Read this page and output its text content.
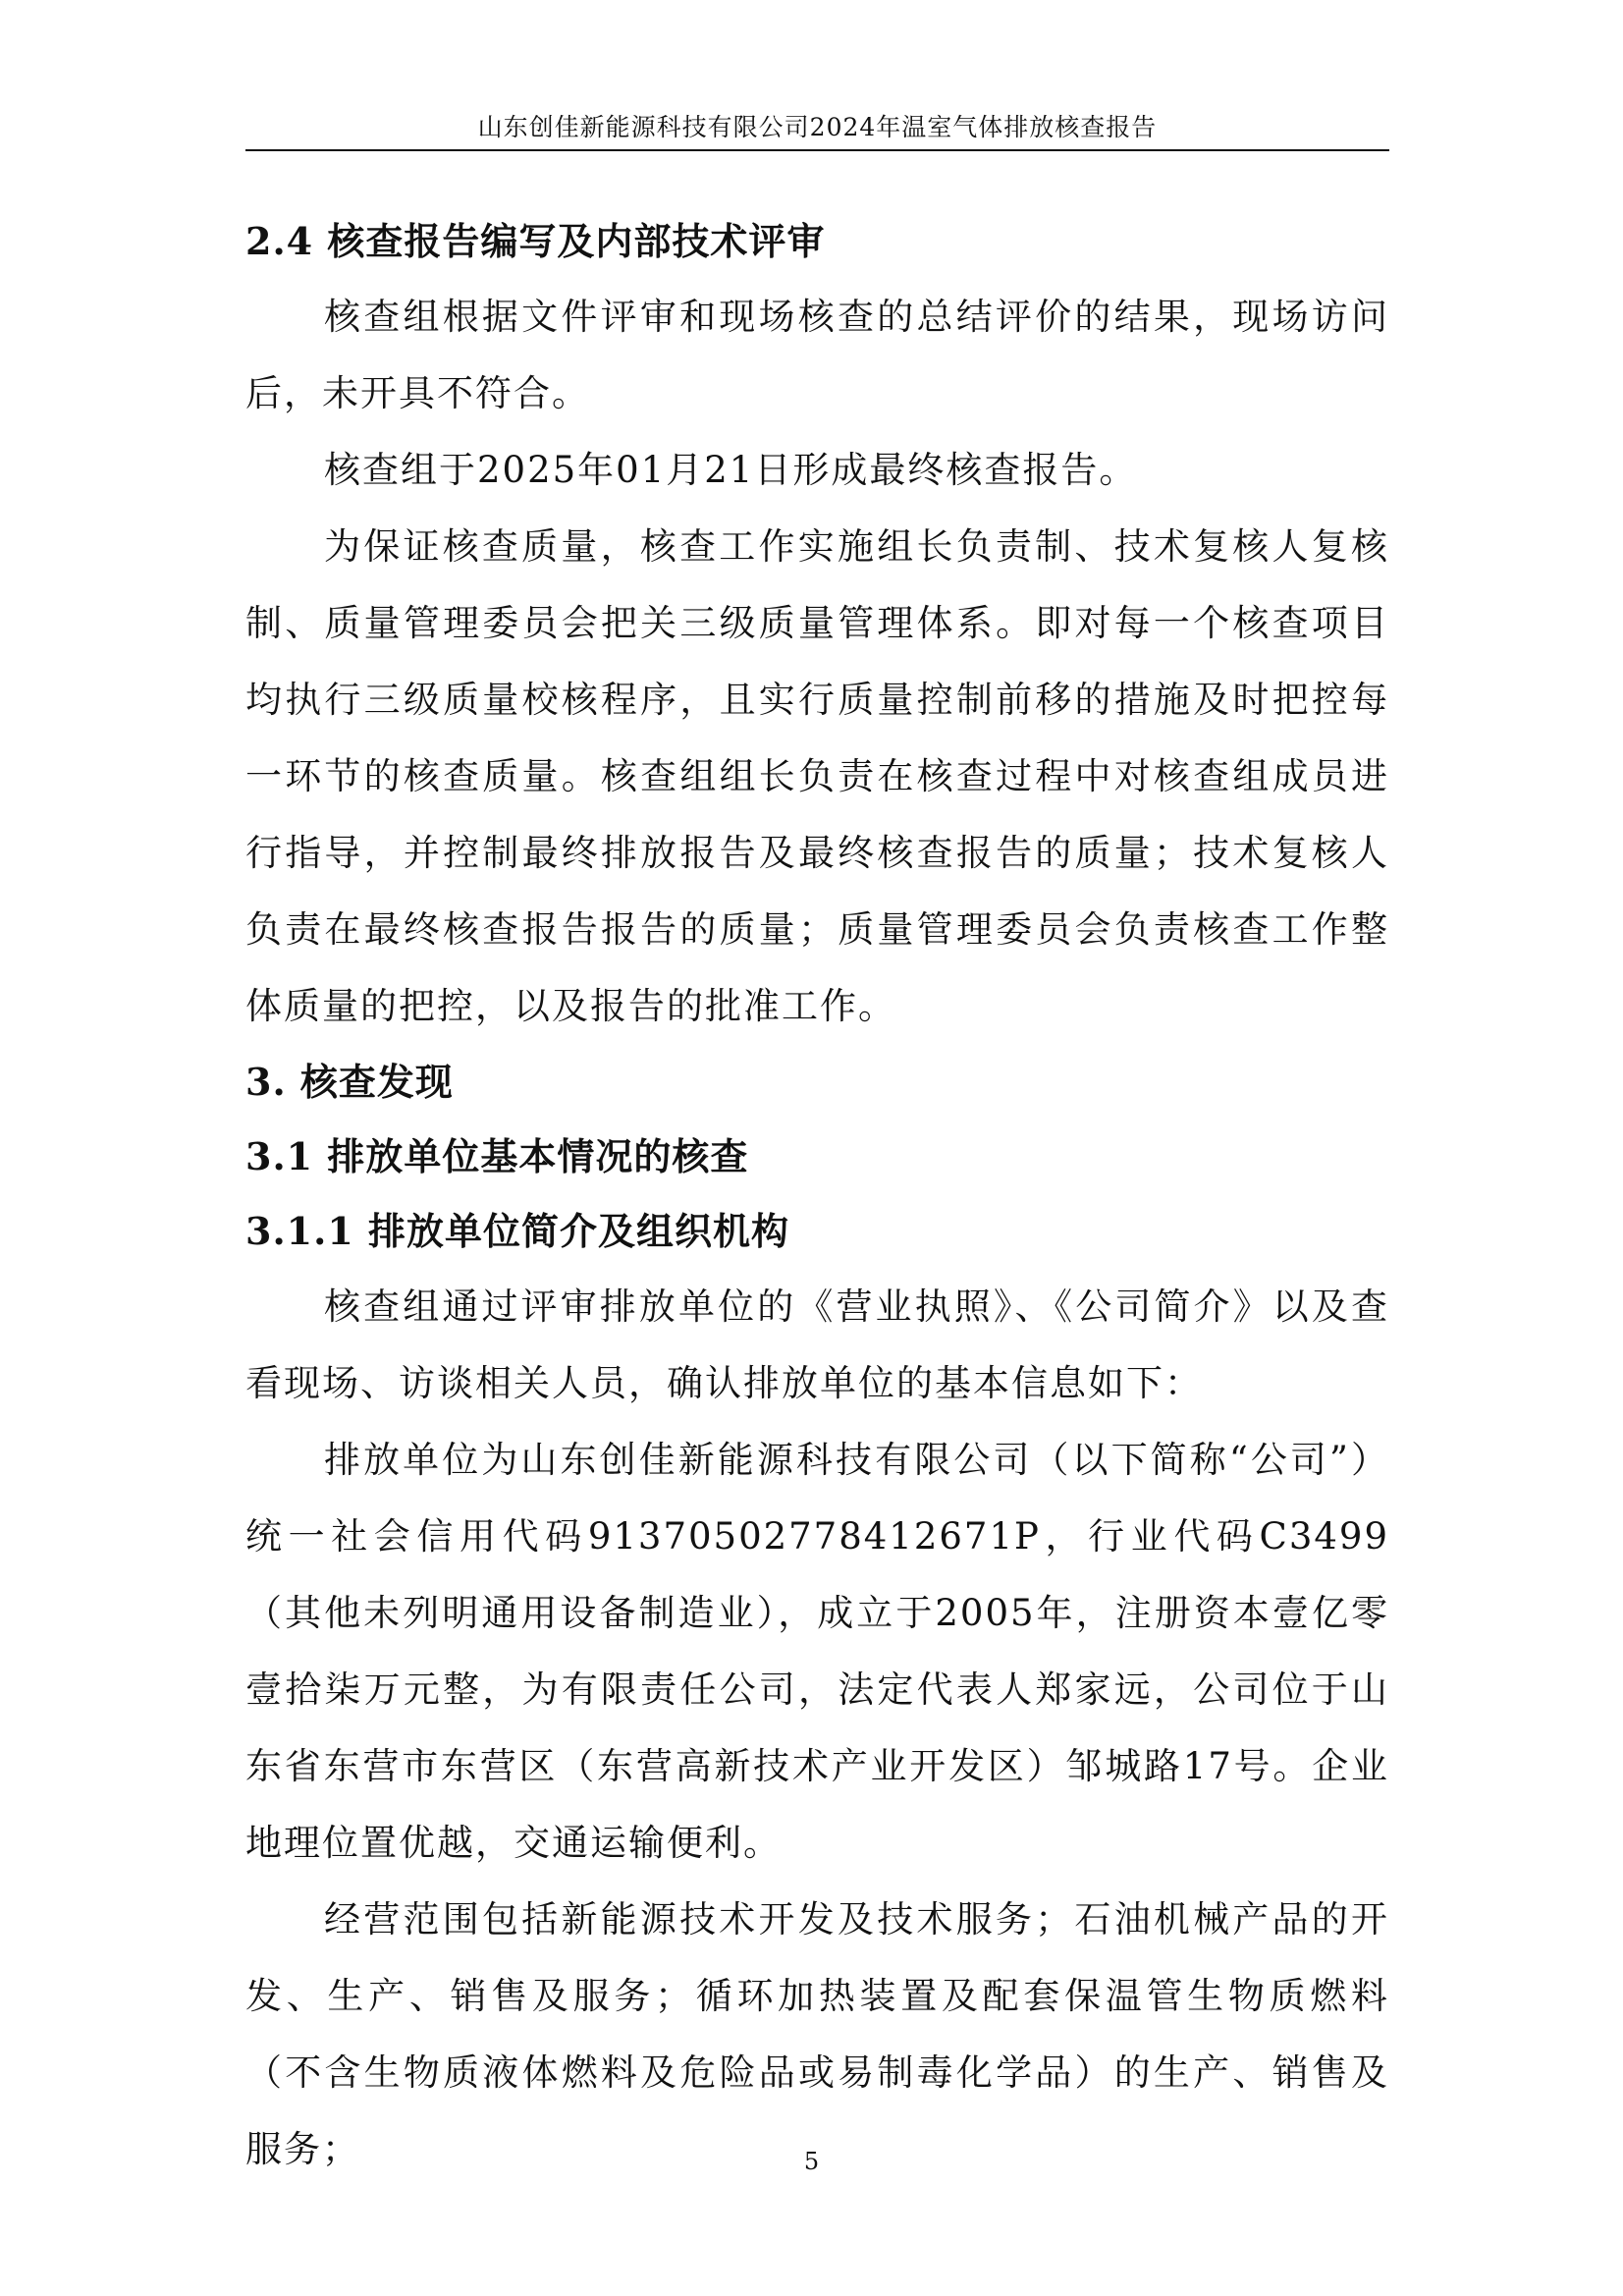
山东创佳新能源科技有限公司2024年温室气体排放核查报告
2.4 核查报告编写及内部技术评审

核查组根据文件评审和现场核查的总结评价的结果，现场访问后，未开具不符合。

核查组于2025年01月21日形成最终核查报告。

为保证核查质量，核查工作实施组长负责制、技术复核人复核制、质量管理委员会把关三级质量管理体系。即对每一个核查项目均执行三级质量校核程序，且实行质量控制前移的措施及时把控每一环节的核查质量。核查组组长负责在核查过程中对核查组成员进行指导，并控制最终排放报告及最终核查报告的质量；技术复核人负责在最终核查报告报告的质量；质量管理委员会负责核查工作整体质量的把控，以及报告的批准工作。

3. 核查发现
3.1 排放单位基本情况的核查
3.1.1 排放单位简介及组织机构

核查组通过评审排放单位的《营业执照》、《公司简介》以及查看现场、访谈相关人员，确认排放单位的基本信息如下：

排放单位为山东创佳新能源科技有限公司（以下简称“公司”）统一社会信用代码91370502778412671P，行业代码C3499（其他未列明通用设备制造业），成立于2005年，注册资本壹亿零壹拾柒万元整，为有限责任公司，法定代表人郑家远，公司位于山东省东营市东营区（东营高新技术产业开发区）邹城路17号。企业地理位置优越，交通运输便利。

经营范围包括新能源技术开发及技术服务；石油机械产品的开发、生产、销售及服务；循环加热装置及配套保温管生物质燃料（不含生物质液体燃料及危险品或易制毒化学品）的生产、销售及服务；	5
